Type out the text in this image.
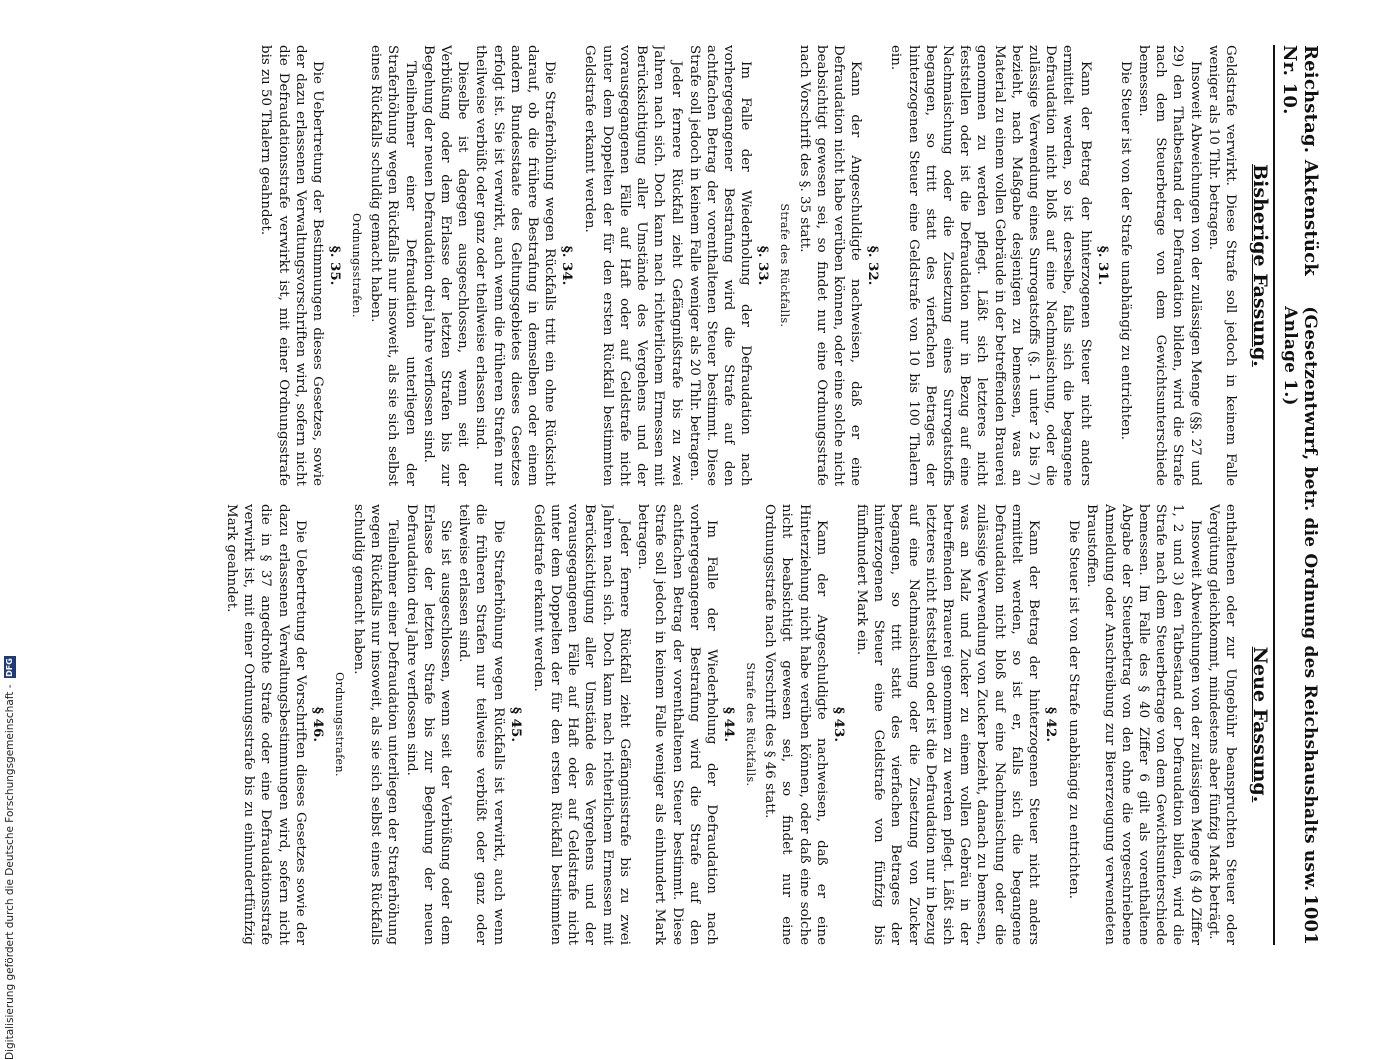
Reichstag. Aktenstück Nr. 10.
(Gesetzentwurf, betr. die Ordnung des Reichshaushalts usw. Anlage 1.)
1001
Bisherige Fassung.

Geldstrafe verwirkt. Diese Strafe soll jedoch in keinem Falle weniger als 10 Thlr. betragen.

Insoweit Abweichungen von der zulässigen Menge (§§. 27 und 29) den Thatbestand der Defraudation bilden, wird die Strafe nach dem Steuerbetrage von dem Gewichtsunterschiede bemessen.

Die Steuer ist von der Strafe unabhängig zu entrichten.

§. 31.

Kann der Betrag der hinterzogenen Steuer nicht anders ermittelt werden, so ist derselbe, falls sich die begangene Defraudation nicht bloß auf eine Nachmaischung, oder die zulässige Verwendung eines Surrogatstoffs (§. 1 unter 2 bis 7) bezieht, nach Maßgabe desjenigen zu bemessen, was an Material zu einem vollen Gebräude in der betreffenden Brauerei genommen zu werden pflegt. Läßt sich letzteres nicht feststellen oder ist die Defraudation nur in Bezug auf eine Nachmaischung oder die Zusetzung eines Surrogatstoffs begangen, so tritt statt des vierfachen Betrages der hinterzogenen Steuer eine Geldstrafe von 10 bis 100 Thalern ein.

§. 32.

Kann der Angeschuldigte nachweisen, daß er eine Defraudation nicht habe verüben können, oder eine solche nicht beabsichtigt gewesen sei, so findet nur eine Ordnungsstrafe nach Vorschrift des §. 35 statt.

Strafe des Rückfalls.
§. 33.

Im Falle der Wiederholung der Defraudation nach vorhergegangener Bestrafung wird die Strafe auf den achtfachen Betrag der vorenthaltenen Steuer bestimmt. Diese Strafe soll jedoch in keinem Falle weniger als 20 Thlr. betragen.

Jeder fernere Rückfall zieht Gefängnißstrafe bis zu zwei Jahren nach sich. Doch kann nach richterlichem Ermessen mit Berücksichtigung aller Umstände des Vergehens und der vorausgegangenen Fälle auf Haft oder auf Geldstrafe nicht unter dem Doppelten der für den ersten Rückfall bestimmten Geldstrafe erkannt werden.

§. 34.

Die Straferhöhung wegen Rückfalls tritt ein ohne Rücksicht darauf, ob die frühere Bestrafung in demselben oder einem andern Bundesstaate des Geltungsgebietes dieses Gesetzes erfolgt ist. Sie ist verwirkt, auch wenn die früheren Strafen nur theilweise verbüßt oder ganz oder theilweise erlassen sind.

Dieselbe ist dagegen ausgeschlossen, wenn seit der Verbüßung oder dem Erlasse der letzten Strafen bis zur Begehung der neuen Defraudation drei Jahre verflossen sind.

Theilnehmer einer Defraudation unterliegen der Straferhöhung wegen Rückfalls nur insoweit, als sie sich selbst eines Rückfalls schuldig gemacht haben.

Ordnungsstrafen.
§. 35.

Die Uebertretung der Bestimmungen dieses Gesetzes, sowie der dazu erlassenen Verwaltungsvorschriften wird, sofern nicht die Defraudationsstrafe verwirkt ist, mit einer Ordnungsstrafe bis zu 50 Thalern geahndet.

Neue Fassung.

enthaltenen oder zur Ungebühr beanspruchten Steuer oder Vergütung gleichkommt, mindestens aber fünfzig Mark beträgt.

Insoweit Abweichungen von der zulässigen Menge (§ 40 Ziffer 1, 2 und 3) den Tatbestand der Defraudation bilden, wird die Strafe nach dem Steuerbetrage von dem Gewichtsunterschiede bemessen. Im Falle des § 40 Ziffer 6 gilt als vorenthaltene Abgabe der Steuerbetrag von den ohne die vorgeschriebene Anmeldung oder Anschreibung zur Biererzeugung verwendeten Braustoffen.

Die Steuer ist von der Strafe unabhängig zu entrichten.

§ 42.

Kann der Betrag der hinterzogenen Steuer nicht anders ermittelt werden, so ist er, falls sich die begangene Defraudation nicht bloß auf eine Nachmaischung oder die zulässige Verwendung von Zucker bezieht, danach zu bemessen, was an Malz und Zucker zu einem vollen Gebräu in der betreffenden Brauerei genommen zu werden pflegt. Läßt sich letzteres nicht feststellen oder ist die Defraudation nur in bezug auf eine Nachmaischung oder die Zusetzung von Zucker begangen, so tritt statt des vierfachen Betrages der hinterzogenen Steuer eine Geldstrafe von fünfzig bis fünfhundert Mark ein.

§ 43.

Kann der Angeschuldigte nachweisen, daß er eine Hinterziehung nicht habe verüben können, oder daß eine solche nicht beabsichtigt gewesen sei, so findet nur eine Ordnungsstrafe nach Vorschrift des § 46 statt.

Strafe des Rückfalls.
§ 44.

Im Falle der Wiederholung der Defraudation nach vorhergegangener Bestrafung wird die Strafe auf den achtfachen Betrag der vorenthaltenen Steuer bestimmt. Diese Strafe soll jedoch in keinem Falle weniger als einhundert Mark betragen.

Jeder fernere Rückfall zieht Gefängnisstrafe bis zu zwei Jahren nach sich. Doch kann nach richterlichem Ermessen mit Berücksichtigung aller Umstände des Vergehens und der vorausgegangenen Fälle auf Haft oder auf Geldstrafe nicht unter dem Doppelten der für den ersten Rückfall bestimmten Geldstrafe erkannt werden.

§ 45.

Die Straferhöhung wegen Rückfalls ist verwirkt, auch wenn die früheren Strafen nur teilweise verbüßt oder ganz oder teilweise erlassen sind.

Sie ist ausgeschlossen, wenn seit der Verbüßung oder dem Erlasse der letzten Strafe bis zur Begehung der neuen Defraudation drei Jahre verflossen sind.

Teilnehmer einer Defraudation unterliegen der Straferhöhung wegen Rückfalls nur insoweit, als sie sich selbst eines Rückfalls schuldig gemacht haben.

Ordnungsstrafen.
§ 46.

Die Uebertretung der Vorschriften dieses Gesetzes sowie der dazu erlassenen Verwaltungsbestimmungen wird, sofern nicht die in § 37 angedrohte Strafe oder eine Defraudationsstrafe verwirkt ist, mit einer Ordnungsstrafe bis zu einhundertfünfzig Mark geahndet.

Digitalisierung gefördert durch die Deutsche Forschungsgemeinschaft -
DFG
